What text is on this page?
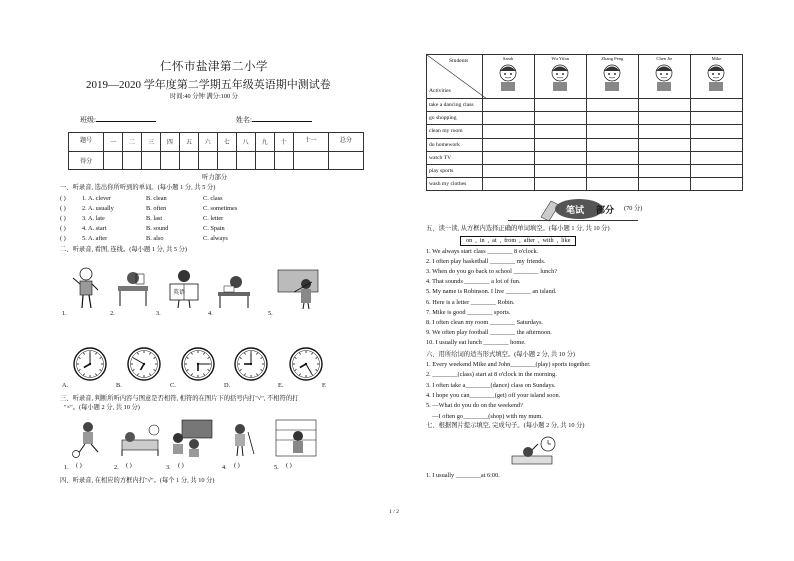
仁怀市盐津第二小学
2019—2020 学年度第二学期五年级英语期中测试卷
时间:40 分钟 满分:100 分
班级:	姓名:
题号	一	二	三	四	五	六	七	八	九	十	十一	总分
得分												
听力部分
一、听录音, 选出你所听到的单词。(每小题 1 分, 共 5 分)
( )	1. A. clever	B. clean	C. class
( )	2. A. usually	B. often	C. sometimes
( )	3. A. late	B. last	C. letter
( )	4. A. start	B. sound	C. Spain
( )	5. A. after	B. also	C. always
二、听录音, 看图, 连线。(每小题 1 分, 共 5 分)
英语
1.	2.	3.	4.	5.
A.	B.	C.	D.	E.	F.
三、听录音, 判断所听内容与图意是否相符, 相符的在图片下的括号内打"√", 不相符的打
"×"。(每小题 2 分, 共 10 分)
1. ( )	2. ( )	3. ( )	4. ( )	5. ( )
四、听录音, 在相应的方框内打"√"。(每个 1 分, 共 10 分)
1 / 2
Students
Activities	Sarah	Wu Yifan	Zhang Peng	Chen Jie	Mike

take a dancing class					
go shopping					
clean my room					
do homework					
watch TV					
play sports					
wash my clothes					
笔试 部分 (70 分)
五、读一读, 从方框内选择正确的单词填空。(每小题 1 分, 共 10 分)
on , in , at , from , after , with , like
1. We always start class ________ 8 o'clock.
2. I often play basketball ________ my friends.
3. When do you go back to school ________ lunch?
4. That sounds ________ a lot of fun.
5. My name is Robinson. I live ________ an island.
6. Here is a letter ________ Robin.
7. Mike is good ________ sports.
8. I often clean my room ________ Saturdays.
9. We often play football ________ the afternoon.
10. I usually eat lunch ________ home.
六、用所给词的适当形式填空。(每小题 2 分, 共 10 分)
1. Every weekend Mike and John________(play) sports together.
2. ________(class) start at 8 o'clock in the morning.
3. I often take a________(dance) class on Sundays.
4. I hope you can________(get) off your island soon.
5. —What do you do on the weekend?
—I often go________(shop) with my mum.
七、根据图片提示填空, 完成句子。(每小题 2 分, 共 10 分)
1. I usually ________at 6:00.
